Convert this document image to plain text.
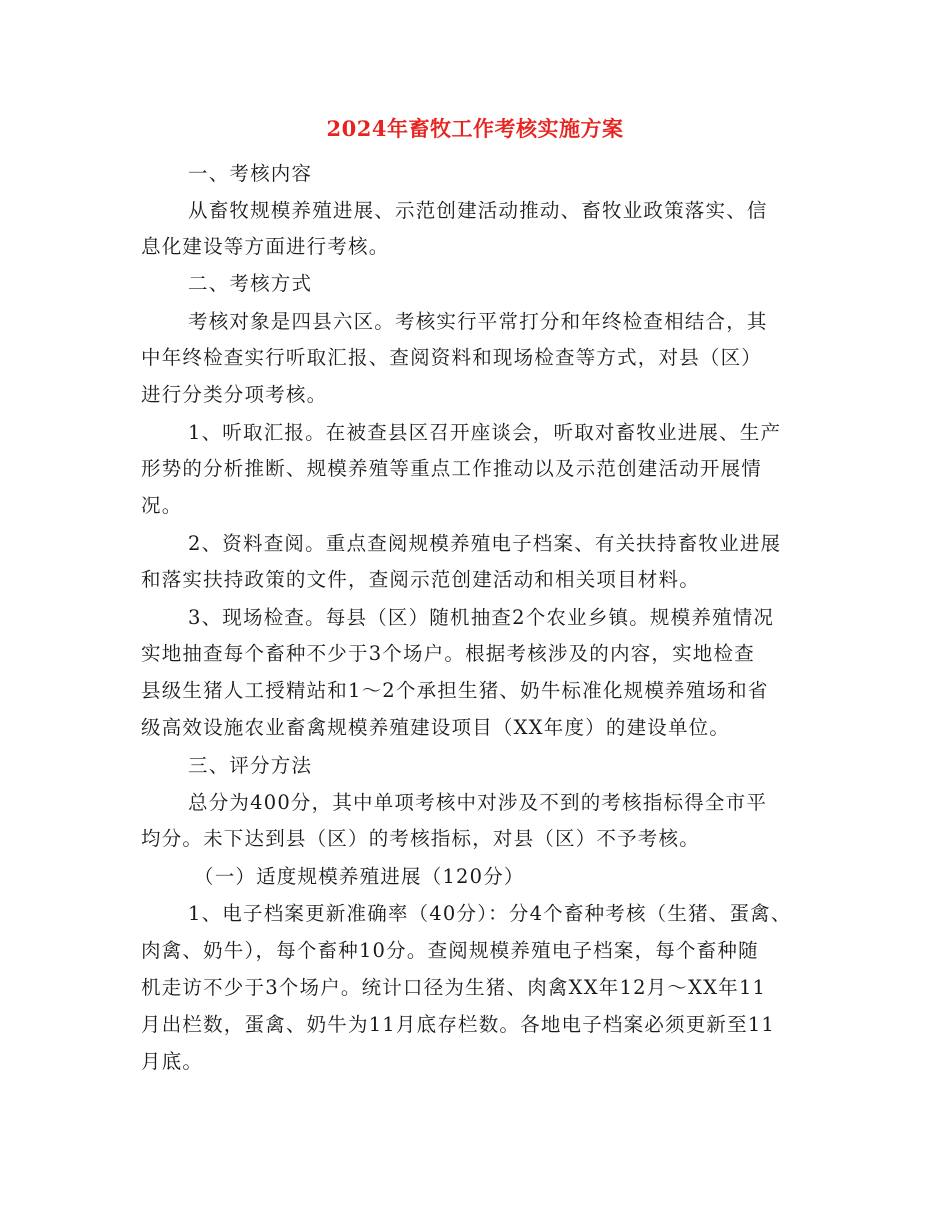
2024年畜牧工作考核实施方案

一、考核内容

从畜牧规模养殖进展、示范创建活动推动、畜牧业政策落实、信

息化建设等方面进行考核。

二、考核方式

考核对象是四县六区。考核实行平常打分和年终检查相结合，其

中年终检查实行听取汇报、查阅资料和现场检查等方式，对县（区）

进行分类分项考核。

1、听取汇报。在被查县区召开座谈会，听取对畜牧业进展、生产

形势的分析推断、规模养殖等重点工作推动以及示范创建活动开展情

况。

2、资料查阅。重点查阅规模养殖电子档案、有关扶持畜牧业进展

和落实扶持政策的文件，查阅示范创建活动和相关项目材料。

3、现场检查。每县（区）随机抽查2个农业乡镇。规模养殖情况

实地抽查每个畜种不少于3个场户。根据考核涉及的内容，实地检查

县级生猪人工授精站和1～2个承担生猪、奶牛标准化规模养殖场和省

级高效设施农业畜禽规模养殖建设项目（XX年度）的建设单位。

三、评分方法

总分为400分，其中单项考核中对涉及不到的考核指标得全市平

均分。未下达到县（区）的考核指标，对县（区）不予考核。

（一）适度规模养殖进展（120分）

1、电子档案更新准确率（40分）：分4个畜种考核（生猪、蛋禽、

肉禽、奶牛），每个畜种10分。查阅规模养殖电子档案，每个畜种随

机走访不少于3个场户。统计口径为生猪、肉禽XX年12月～XX年11

月出栏数，蛋禽、奶牛为11月底存栏数。各地电子档案必须更新至11

月底。
